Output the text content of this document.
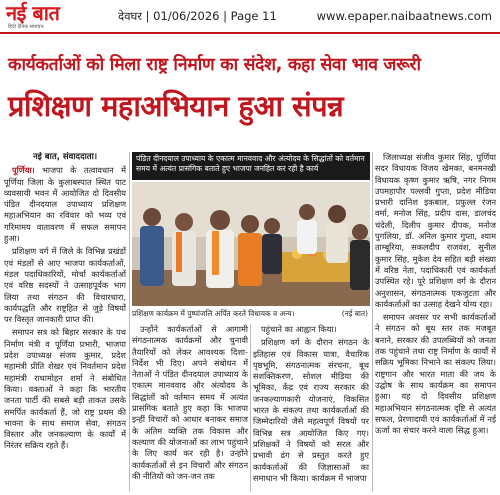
नई बात
हिंदी दैनिक समाचार
देवघर | 01/06/2026 | Page 11	www.epaper.naibaatnews.com
कार्यकर्ताओं को मिला राष्ट्र निर्माण का संदेश, कहा सेवा भाव जरूरी
प्रशिक्षण महाअभियान हुआ संपन्न

नई बात, संवाददाता।

पूर्णिया। भाजपा के तत्वावधान में पूर्णिया जिला के कुलाबस्पात स्थित पाट व्यवसायी भवन में आयोजित दो दिवसीय पंडित दीनदयाल उपाध्याय प्रशिक्षण महाअभियान का रविवार को भव्य एवं गरिमामय वातावरण में सफल समापन हुआ।

प्रशिक्षण वर्ग में जिले के विभिन्न प्रखंडों एवं मंडलों से आए भाजपा कार्यकर्ताओं, मंडल पदाधिकारियों, मोर्चा कार्यकर्ताओं एवं वरिष्ठ सदस्यों ने उत्साहपूर्वक भाग लिया तथा संगठन की विचारधारा, कार्यपद्धति और राष्ट्रहित से जुड़े विषयों पर विस्तृत जानकारी प्राप्त की।

समापन सत्र को बिहार सरकार के पथ निर्माण मंत्री व पूर्णिया प्रभारी, भाजपा प्रदेश उपाध्यक्ष संजय कुमार, प्रदेश महामंत्री प्रीति शेखर एवं निवर्तमान प्रदेश महामंत्री राधामोहन शर्मा ने संबोधित किया। वक्ताओं ने कहा कि भारतीय जनता पार्टी की सबसे बड़ी ताकत उसके समर्पित कार्यकर्ता हैं, जो राष्ट्र प्रथम की भावना के साथ समाज सेवा, संगठन विस्तार और जनकल्याण के कार्यों में निरंतर सक्रिय रहते हैं।

पंडित दीनदयाल उपाध्याय के एकात्म मानववाद और अंत्योदय के सिद्धांतों को वर्तमान समय में अत्यंत प्रासंगिक बताते हुए भाजपा जनहित कर रही है कार्य
प्रशिक्षण कार्यक्रम में पुष्पांजलि अर्पित करते विधायक व अन्य।	(नई बात)

उन्होंने कार्यकर्ताओं से आगामी संगठनात्मक कार्यक्रमों और चुनावी तैयारियों को लेकर आवश्यक दिशा-निर्देश भी दिए। अपने संबोधन में नेताओं ने पंडित दीनदयाल उपाध्याय के एकात्म मानववाद और अंत्योदय के सिद्धांतों को वर्तमान समय में अत्यंत प्रासंगिक बताते हुए कहा कि भाजपा इन्हीं विचारों को आधार बनाकर समाज के अंतिम व्यक्ति तक विकास और कल्याण की योजनाओं का लाभ पहुंचाने के लिए कार्य कर रही है। उन्होंने कार्यकर्ताओं से इन विचारों और संगठन की नीतियों को जन-जन तक

पहुंचाने का आह्वान किया।

प्रशिक्षण वर्ग के दौरान संगठन के इतिहास एवं विकास यात्रा, वैचारिक पृष्ठभूमि, संगठनात्मक संरचना, बूथ सशक्तिकरण, सोशल मीडिया की भूमिका, केंद्र एवं राज्य सरकार की जनकल्याणकारी योजनाएं, विकसित भारत के संकल्प तथा कार्यकर्ताओं की जिम्मेदारियों जैसे महत्वपूर्ण विषयों पर विभिन्न सत्र आयोजित किए गए। प्रशिक्षकों ने विषयों को सरल और प्रभावी ढंग से प्रस्तुत करते हुए कार्यकर्ताओं की जिज्ञासाओं का समाधान भी किया। कार्यक्रम में भाजपा

जिलाध्यक्ष संजीव कुमार सिंह, पूर्णिया सदर विधायक विजय खेमका, बनमनखी विधायक कृष्ण कुमार ऋषि, नगर निगम उपमहापौर पल्लवी गुप्ता, प्रदेश मीडिया प्रभारी दानिश इकबाल, प्रफुल्ल रंजन वर्मा, मनोज सिंह, प्रदीप दास, डालचंद चंदेली, दिलीप कुमार दीपक, मनोज पुगलिया, डॉ. अनिल कुमार गुप्ता, श्याम ताम्बूरिया, सकलदीप राजवंश, सुनील कुमार सिंह, मुकेश देव सहित बड़ी संख्या में वरिष्ठ नेता, पदाधिकारी एवं कार्यकर्ता उपस्थित रहे। पूरे प्रशिक्षण वर्ग के दौरान अनुशासन, संगठनात्मक एकजुटता और कार्यकर्ताओं का उत्साह देखने योग्य रहा।

समापन अवसर पर सभी कार्यकर्ताओं ने संगठन को बूथ स्तर तक मजबूत बनाने, सरकार की उपलब्धियों को जनता तक पहुंचाने तथा राष्ट्र निर्माण के कार्यों में सक्रिय भूमिका निभाने का संकल्प लिया। राष्ट्रगान और भारत माता की जय के उद्घोष के साथ कार्यक्रम का समापन हुआ। यह दो दिवसीय प्रशिक्षण महाअभियान संगठनात्मक दृष्टि से अत्यंत सफल, प्रेरणादायी एवं कार्यकर्ताओं में नई ऊर्जा का संचार करने वाला सिद्ध हुआ।
